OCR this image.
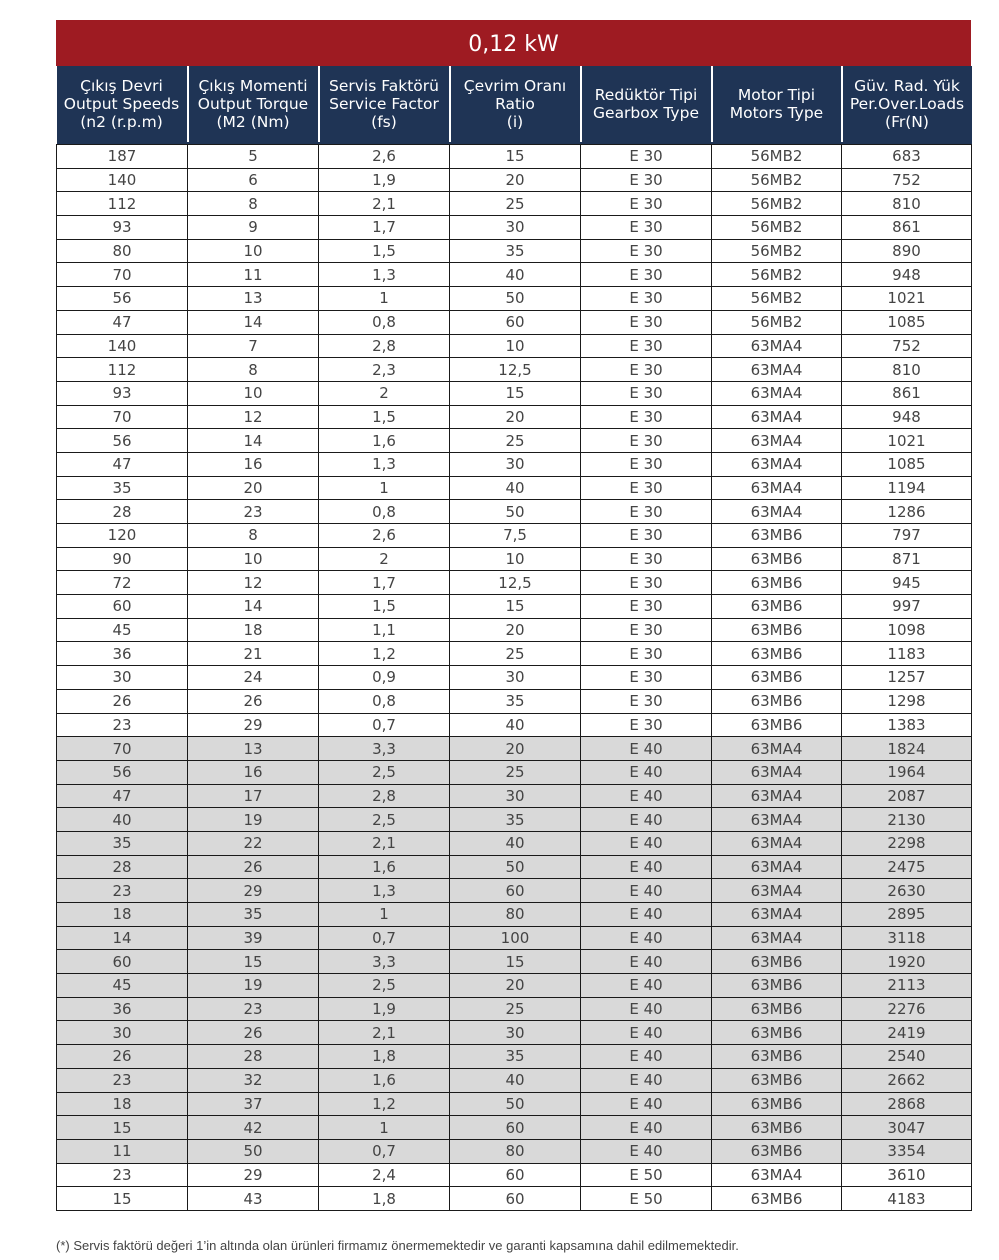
0,12 kW
Çıkış Devri
Output Speeds
(n2 (r.p.m)	Çıkış Momenti
Output Torque
(M2 (Nm)	Servis Faktörü
Service Factor
(fs)	Çevrim Oranı
Ratio
(i)	Redüktör Tipi
Gearbox Type	Motor Tipi
Motors Type	Güv. Rad. Yük
Per.Over.Loads
(Fr(N)

187	5	2,6	15	E 30	56MB2	683
140	6	1,9	20	E 30	56MB2	752
112	8	2,1	25	E 30	56MB2	810
93	9	1,7	30	E 30	56MB2	861
80	10	1,5	35	E 30	56MB2	890
70	11	1,3	40	E 30	56MB2	948
56	13	1	50	E 30	56MB2	1021
47	14	0,8	60	E 30	56MB2	1085
140	7	2,8	10	E 30	63MA4	752
112	8	2,3	12,5	E 30	63MA4	810
93	10	2	15	E 30	63MA4	861
70	12	1,5	20	E 30	63MA4	948
56	14	1,6	25	E 30	63MA4	1021
47	16	1,3	30	E 30	63MA4	1085
35	20	1	40	E 30	63MA4	1194
28	23	0,8	50	E 30	63MA4	1286
120	8	2,6	7,5	E 30	63MB6	797
90	10	2	10	E 30	63MB6	871
72	12	1,7	12,5	E 30	63MB6	945
60	14	1,5	15	E 30	63MB6	997
45	18	1,1	20	E 30	63MB6	1098
36	21	1,2	25	E 30	63MB6	1183
30	24	0,9	30	E 30	63MB6	1257
26	26	0,8	35	E 30	63MB6	1298
23	29	0,7	40	E 30	63MB6	1383
70	13	3,3	20	E 40	63MA4	1824
56	16	2,5	25	E 40	63MA4	1964
47	17	2,8	30	E 40	63MA4	2087
40	19	2,5	35	E 40	63MA4	2130
35	22	2,1	40	E 40	63MA4	2298
28	26	1,6	50	E 40	63MA4	2475
23	29	1,3	60	E 40	63MA4	2630
18	35	1	80	E 40	63MA4	2895
14	39	0,7	100	E 40	63MA4	3118
60	15	3,3	15	E 40	63MB6	1920
45	19	2,5	20	E 40	63MB6	2113
36	23	1,9	25	E 40	63MB6	2276
30	26	2,1	30	E 40	63MB6	2419
26	28	1,8	35	E 40	63MB6	2540
23	32	1,6	40	E 40	63MB6	2662
18	37	1,2	50	E 40	63MB6	2868
15	42	1	60	E 40	63MB6	3047
11	50	0,7	80	E 40	63MB6	3354
23	29	2,4	60	E 50	63MA4	3610
15	43	1,8	60	E 50	63MB6	4183
(*) Servis faktörü değeri 1’in altında olan ürünleri firmamız önermemektedir ve garanti kapsamına dahil edilmemektedir.
